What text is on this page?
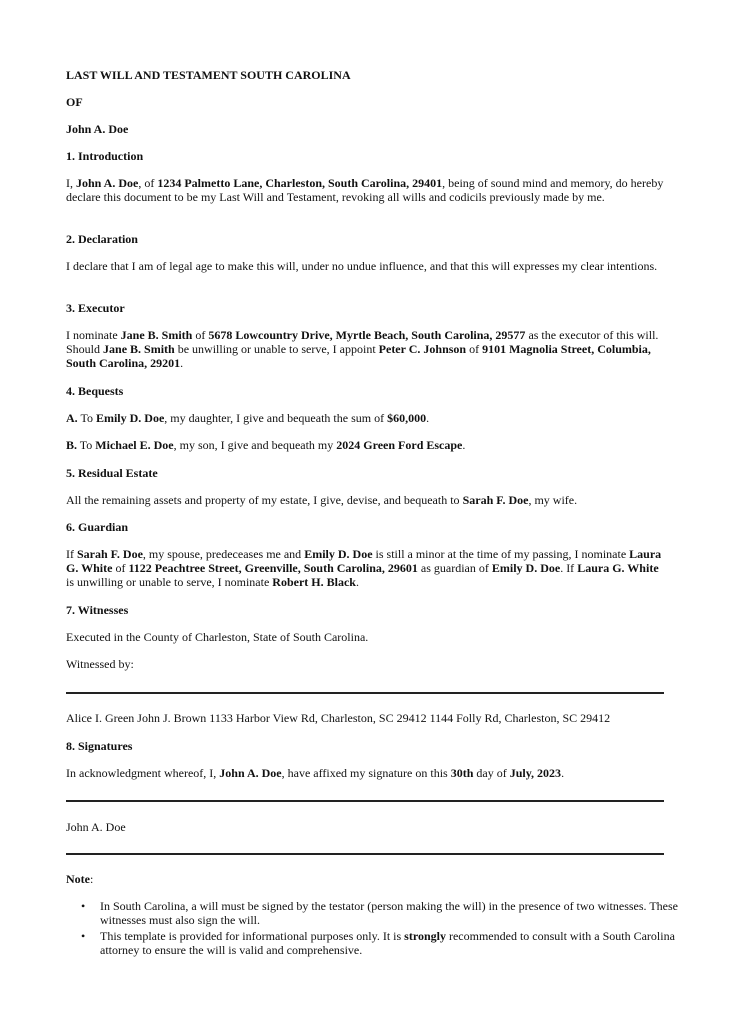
LAST WILL AND TESTAMENT SOUTH CAROLINA

OF

John A. Doe

1. Introduction

I, John A. Doe, of 1234 Palmetto Lane, Charleston, South Carolina, 29401, being of sound mind and memory, do hereby declare this document to be my Last Will and Testament, revoking all wills and codicils previously made by me.

2. Declaration

I declare that I am of legal age to make this will, under no undue influence, and that this will expresses my clear intentions.

3. Executor

I nominate Jane B. Smith of 5678 Lowcountry Drive, Myrtle Beach, South Carolina, 29577 as the executor of this will. Should Jane B. Smith be unwilling or unable to serve, I appoint Peter C. Johnson of 9101 Magnolia Street, Columbia, South Carolina, 29201.

4. Bequests

A. To Emily D. Doe, my daughter, I give and bequeath the sum of $60,000.

B. To Michael E. Doe, my son, I give and bequeath my 2024 Green Ford Escape.

5. Residual Estate

All the remaining assets and property of my estate, I give, devise, and bequeath to Sarah F. Doe, my wife.

6. Guardian

If Sarah F. Doe, my spouse, predeceases me and Emily D. Doe is still a minor at the time of my passing, I nominate Laura G. White of 1122 Peachtree Street, Greenville, South Carolina, 29601 as guardian of Emily D. Doe. If Laura G. White is unwilling or unable to serve, I nominate Robert H. Black.

7. Witnesses

Executed in the County of Charleston, State of South Carolina.

Witnessed by:

Alice I. Green John J. Brown 1133 Harbor View Rd, Charleston, SC 29412 1144 Folly Rd, Charleston, SC 29412

8. Signatures

In acknowledgment whereof, I, John A. Doe, have affixed my signature on this 30th day of July, 2023.

John A. Doe

Note:

• In South Carolina, a will must be signed by the testator (person making the will) in the presence of two witnesses. These witnesses must also sign the will.
• This template is provided for informational purposes only. It is strongly recommended to consult with a South Carolina attorney to ensure the will is valid and comprehensive.
